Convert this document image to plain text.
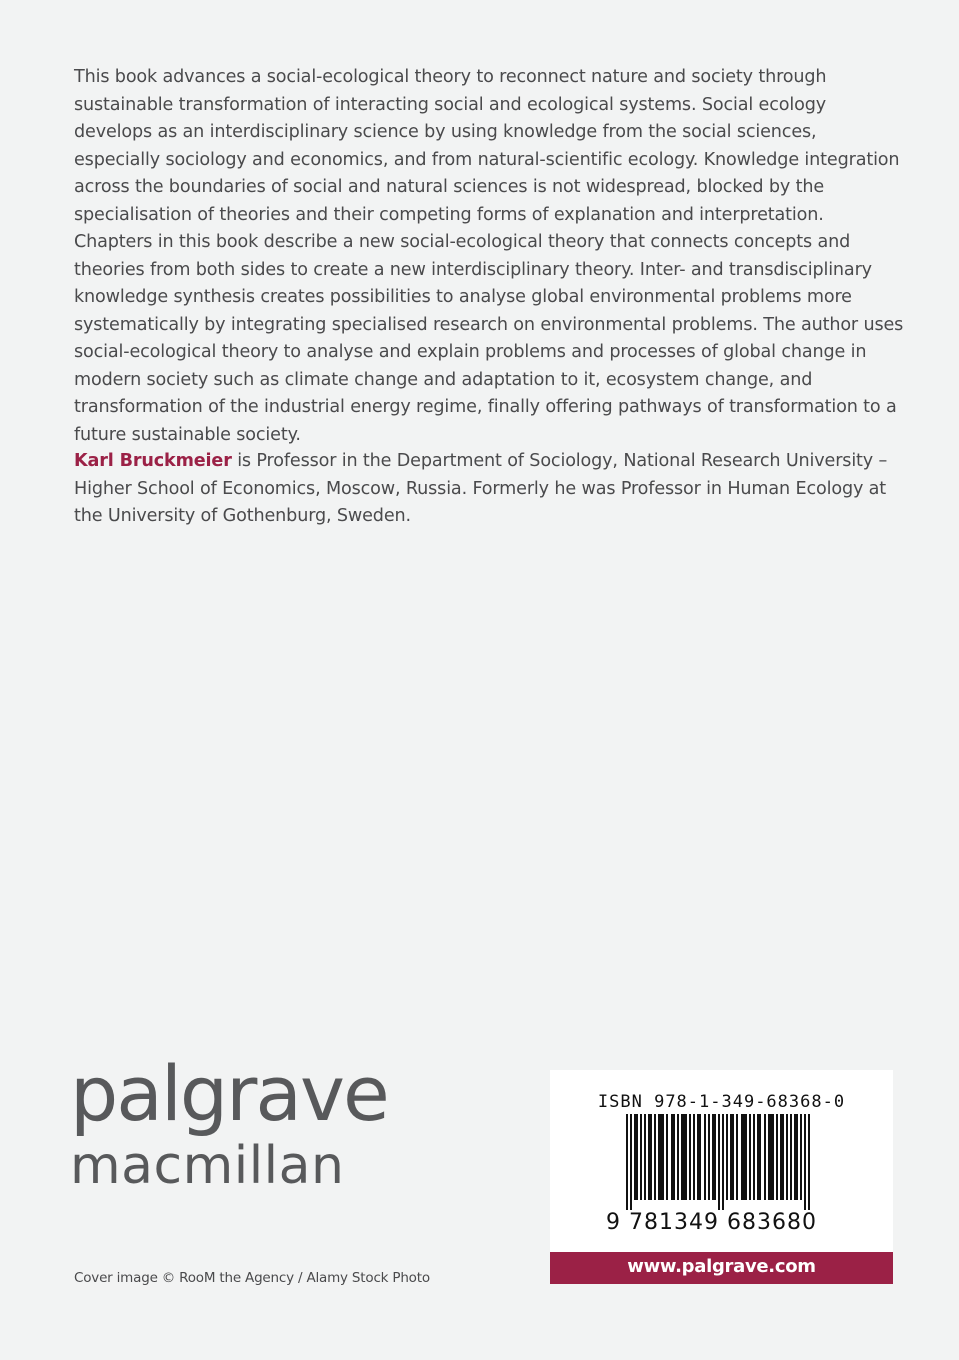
This book advances a social-ecological theory to reconnect nature and society through sustainable transformation of interacting social and ecological systems. Social ecology develops as an interdisciplinary science by using knowledge from the social sciences, especially sociology and economics, and from natural-scientific ecology. Knowledge integration across the boundaries of social and natural sciences is not widespread, blocked by the specialisation of theories and their competing forms of explanation and interpretation. Chapters in this book describe a new social-ecological theory that connects concepts and theories from both sides to create a new interdisciplinary theory. Inter- and transdisciplinary knowledge synthesis creates possibilities to analyse global environmental problems more systematically by integrating specialised research on environmental problems. The author uses social-ecological theory to analyse and explain problems and processes of global change in modern society such as climate change and adaptation to it, ecosystem change, and transformation of the industrial energy regime, finally offering pathways of transformation to a future sustainable society.

Karl Bruckmeier is Professor in the Department of Sociology, National Research University – Higher School of Economics, Moscow, Russia. Formerly he was Professor in Human Ecology at the University of Gothenburg, Sweden.

palgrave
macmillan
Cover image © RooM the Agency / Alamy Stock Photo
ISBN 978-1-349-68368-0
9 781349 683680
www.palgrave.com
